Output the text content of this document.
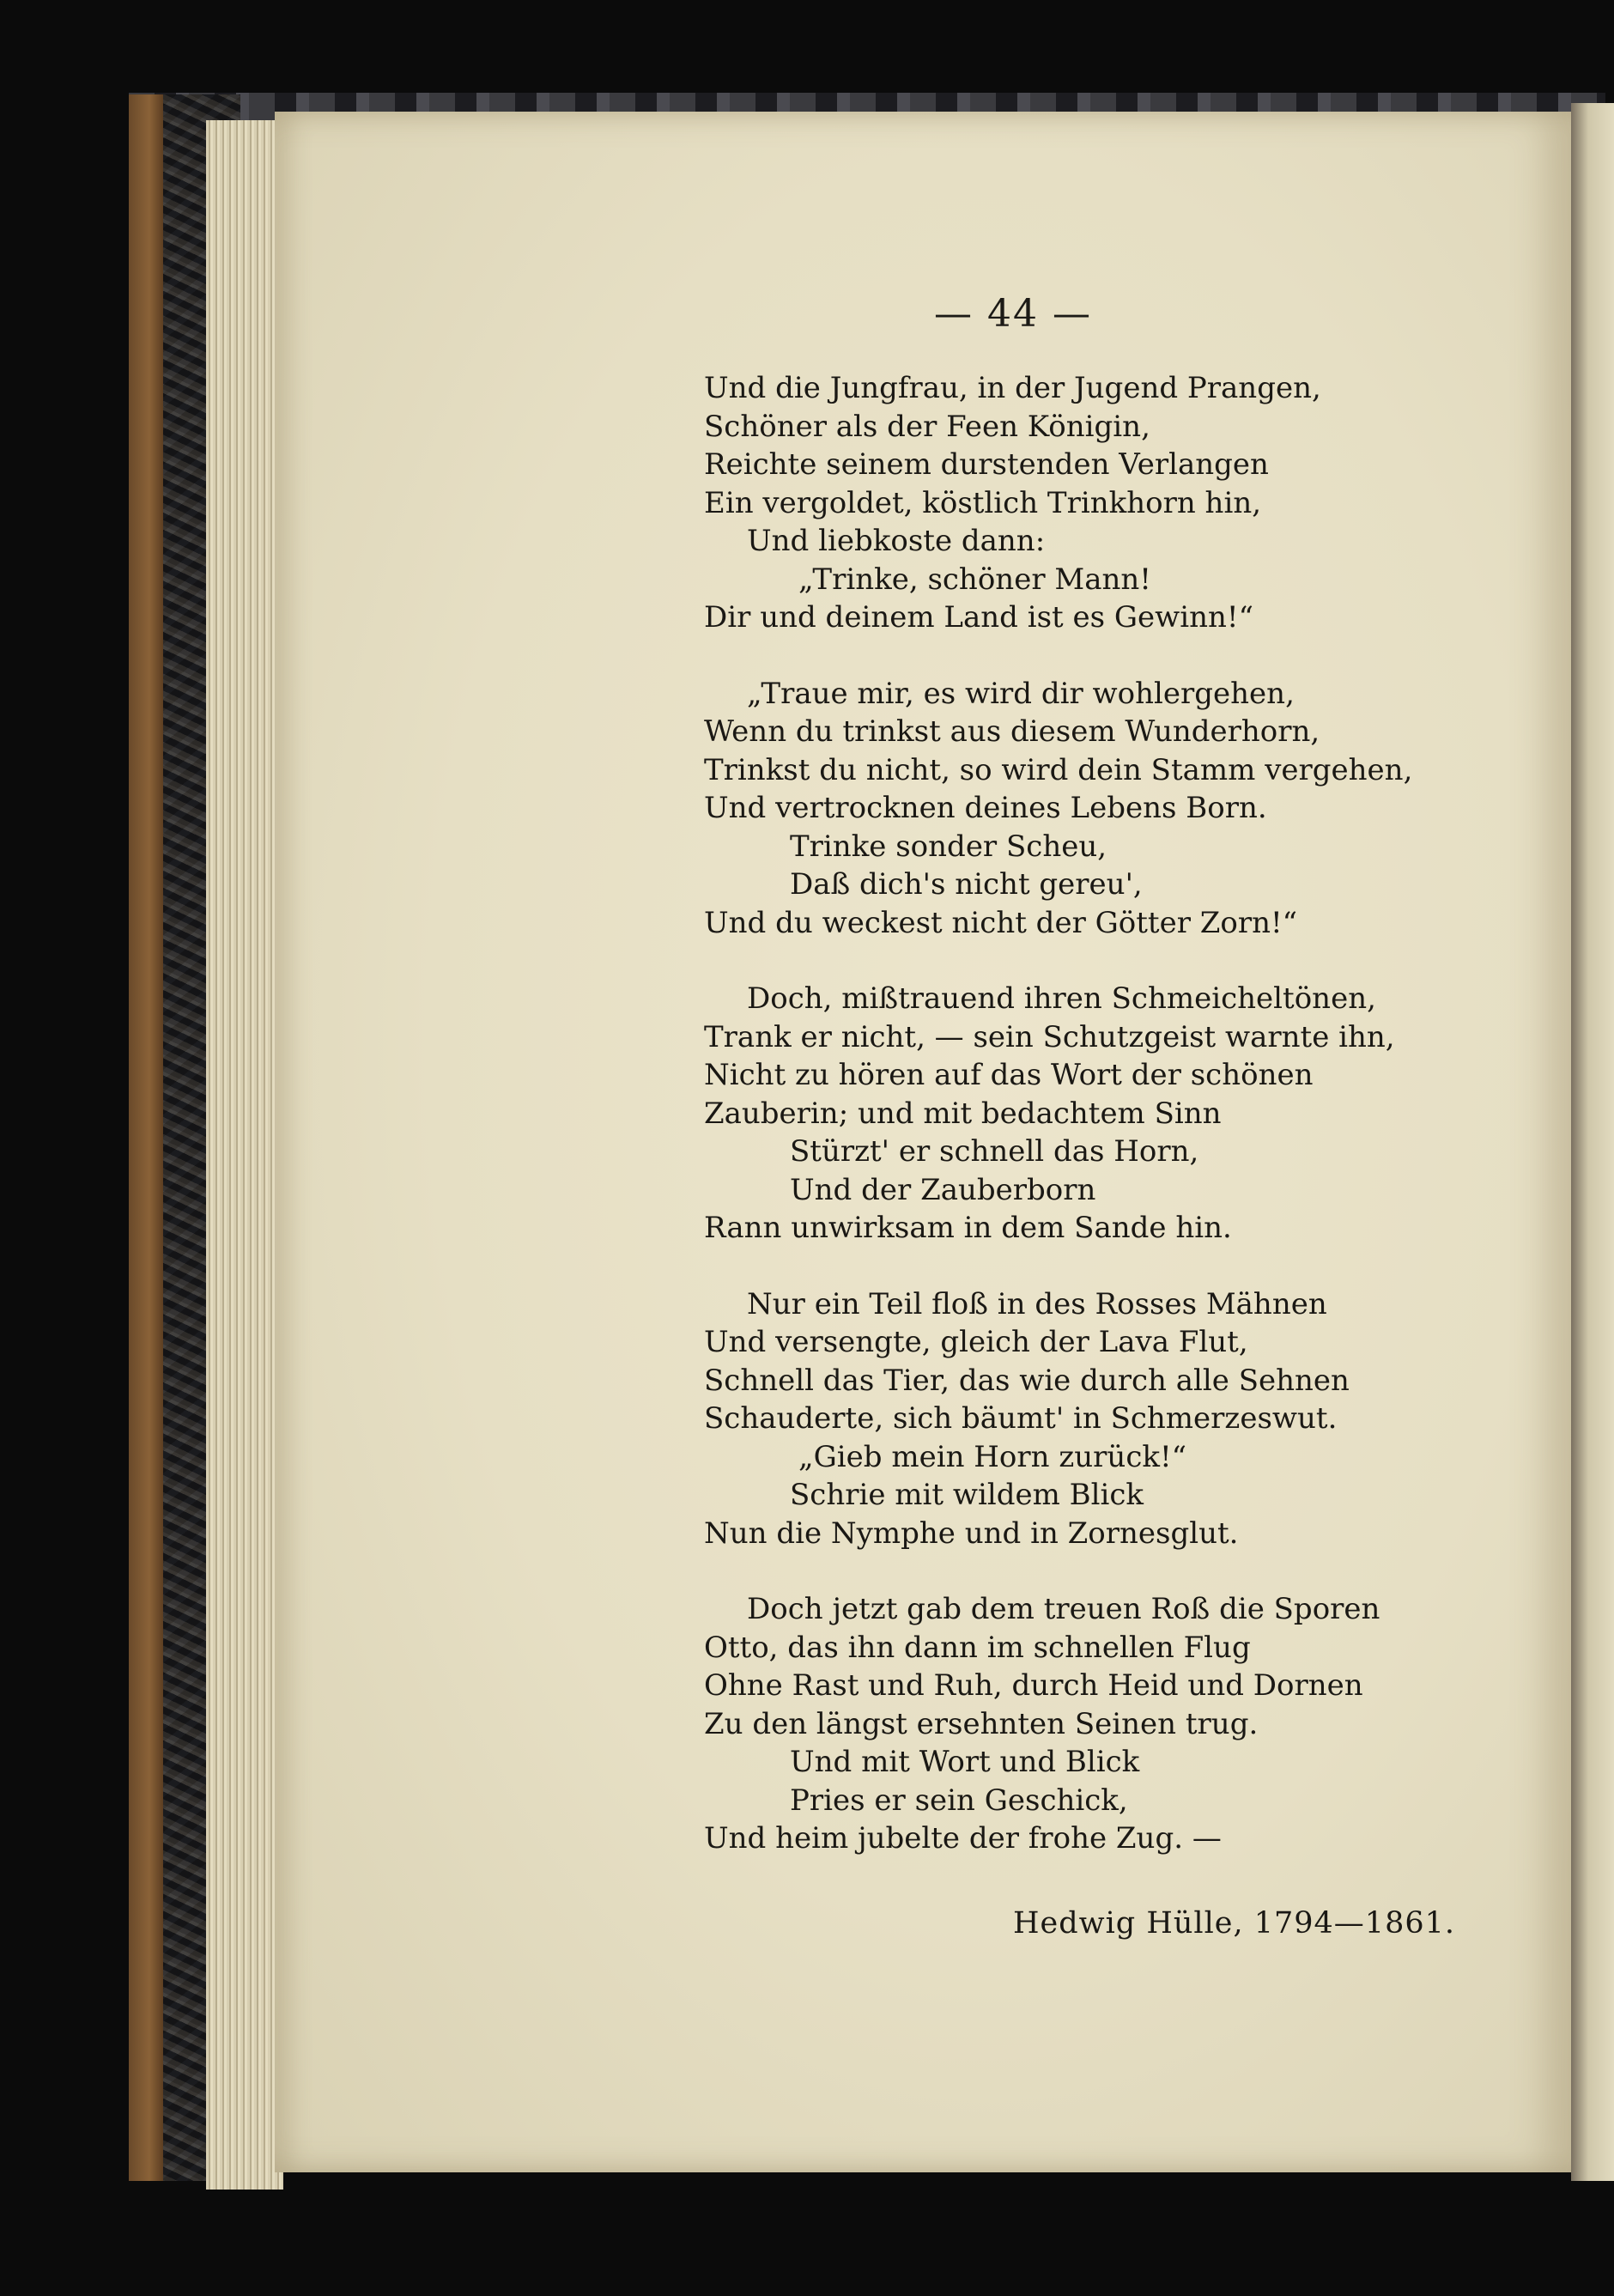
— 44 —
Und die Jungfrau, in der Jugend Prangen,
Schöner als der Feen Königin,
Reichte seinem durstenden Verlangen
Ein vergoldet, köstlich Trinkhorn hin,
Und liebkoste dann:
„Trinke, schöner Mann!
Dir und deinem Land ist es Gewinn!“
„Traue mir, es wird dir wohlergehen,
Wenn du trinkst aus diesem Wunderhorn,
Trinkst du nicht, so wird dein Stamm vergehen,
Und vertrocknen deines Lebens Born.
Trinke sonder Scheu,
Daß dich's nicht gereu',
Und du weckest nicht der Götter Zorn!“
Doch, mißtrauend ihren Schmeicheltönen,
Trank er nicht, — sein Schutzgeist warnte ihn,
Nicht zu hören auf das Wort der schönen
Zauberin; und mit bedachtem Sinn
Stürzt' er schnell das Horn,
Und der Zauberborn
Rann unwirksam in dem Sande hin.
Nur ein Teil floß in des Rosses Mähnen
Und versengte, gleich der Lava Flut,
Schnell das Tier, das wie durch alle Sehnen
Schauderte, sich bäumt' in Schmerzeswut.
„Gieb mein Horn zurück!“
Schrie mit wildem Blick
Nun die Nymphe und in Zornesglut.
Doch jetzt gab dem treuen Roß die Sporen
Otto, das ihn dann im schnellen Flug
Ohne Rast und Ruh, durch Heid und Dornen
Zu den längst ersehnten Seinen trug.
Und mit Wort und Blick
Pries er sein Geschick,
Und heim jubelte der frohe Zug. —
Hedwig Hülle, 1794—1861.
